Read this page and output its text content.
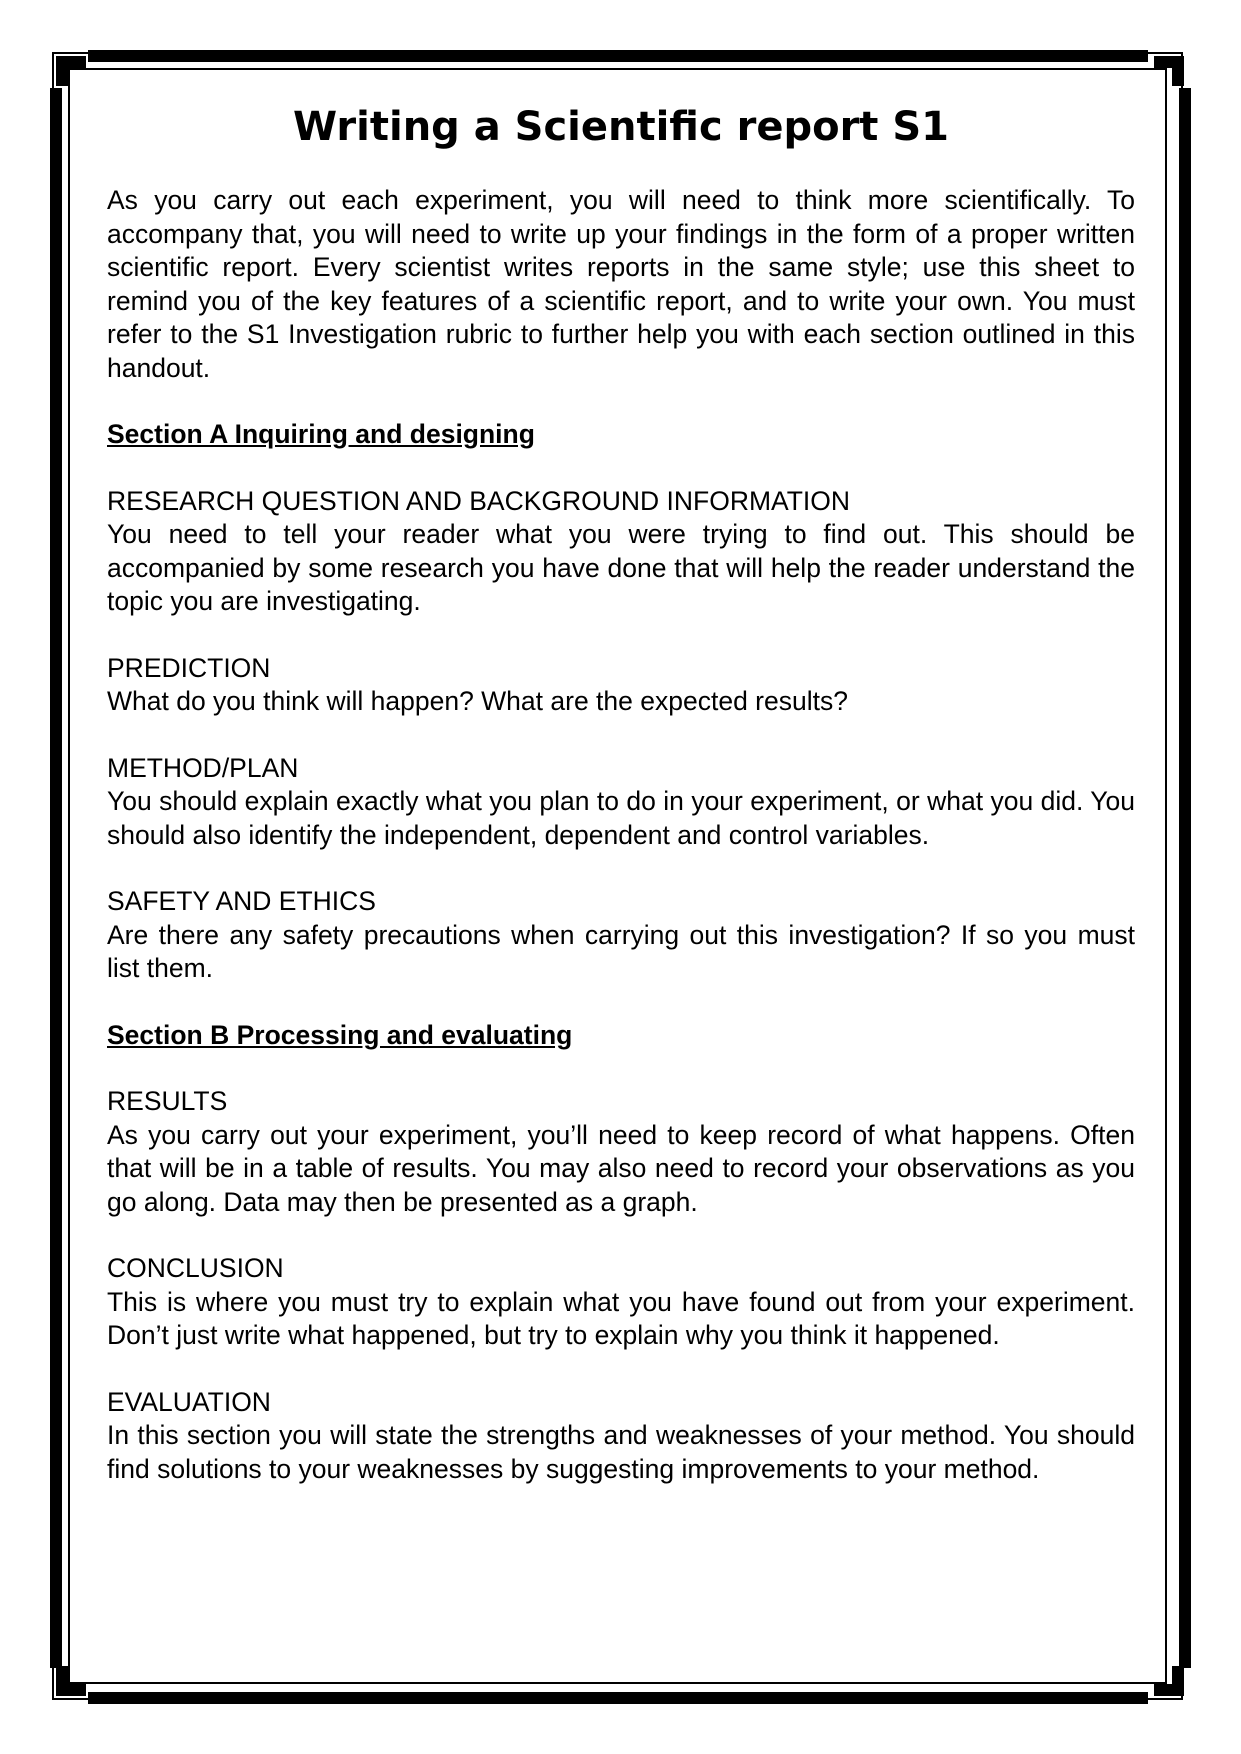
Writing a Scientific report S1

As you carry out each experiment, you will need to think more scientifically. To accompany that, you will need to write up your findings in the form of a proper written scientific report. Every scientist writes reports in the same style; use this sheet to remind you of the key features of a scientific report, and to write your own. You must refer to the S1 Investigation rubric to further help you with each section outlined in this handout.

Section A Inquiring and designing

RESEARCH QUESTION AND BACKGROUND INFORMATION

You need to tell your reader what you were trying to find out. This should be accompanied by some research you have done that will help the reader understand the topic you are investigating.

PREDICTION

What do you think will happen? What are the expected results?

METHOD/PLAN

You should explain exactly what you plan to do in your experiment, or what you did. You should also identify the independent, dependent and control variables.

SAFETY AND ETHICS

Are there any safety precautions when carrying out this investigation? If so you must list them.

Section B Processing and evaluating

RESULTS

As you carry out your experiment, you’ll need to keep record of what happens. Often that will be in a table of results. You may also need to record your observations as you go along. Data may then be presented as a graph.

CONCLUSION

This is where you must try to explain what you have found out from your experiment. Don’t just write what happened, but try to explain why you think it happened.

EVALUATION

In this section you will state the strengths and weaknesses of your method. You should find solutions to your weaknesses by suggesting improvements to your method.
